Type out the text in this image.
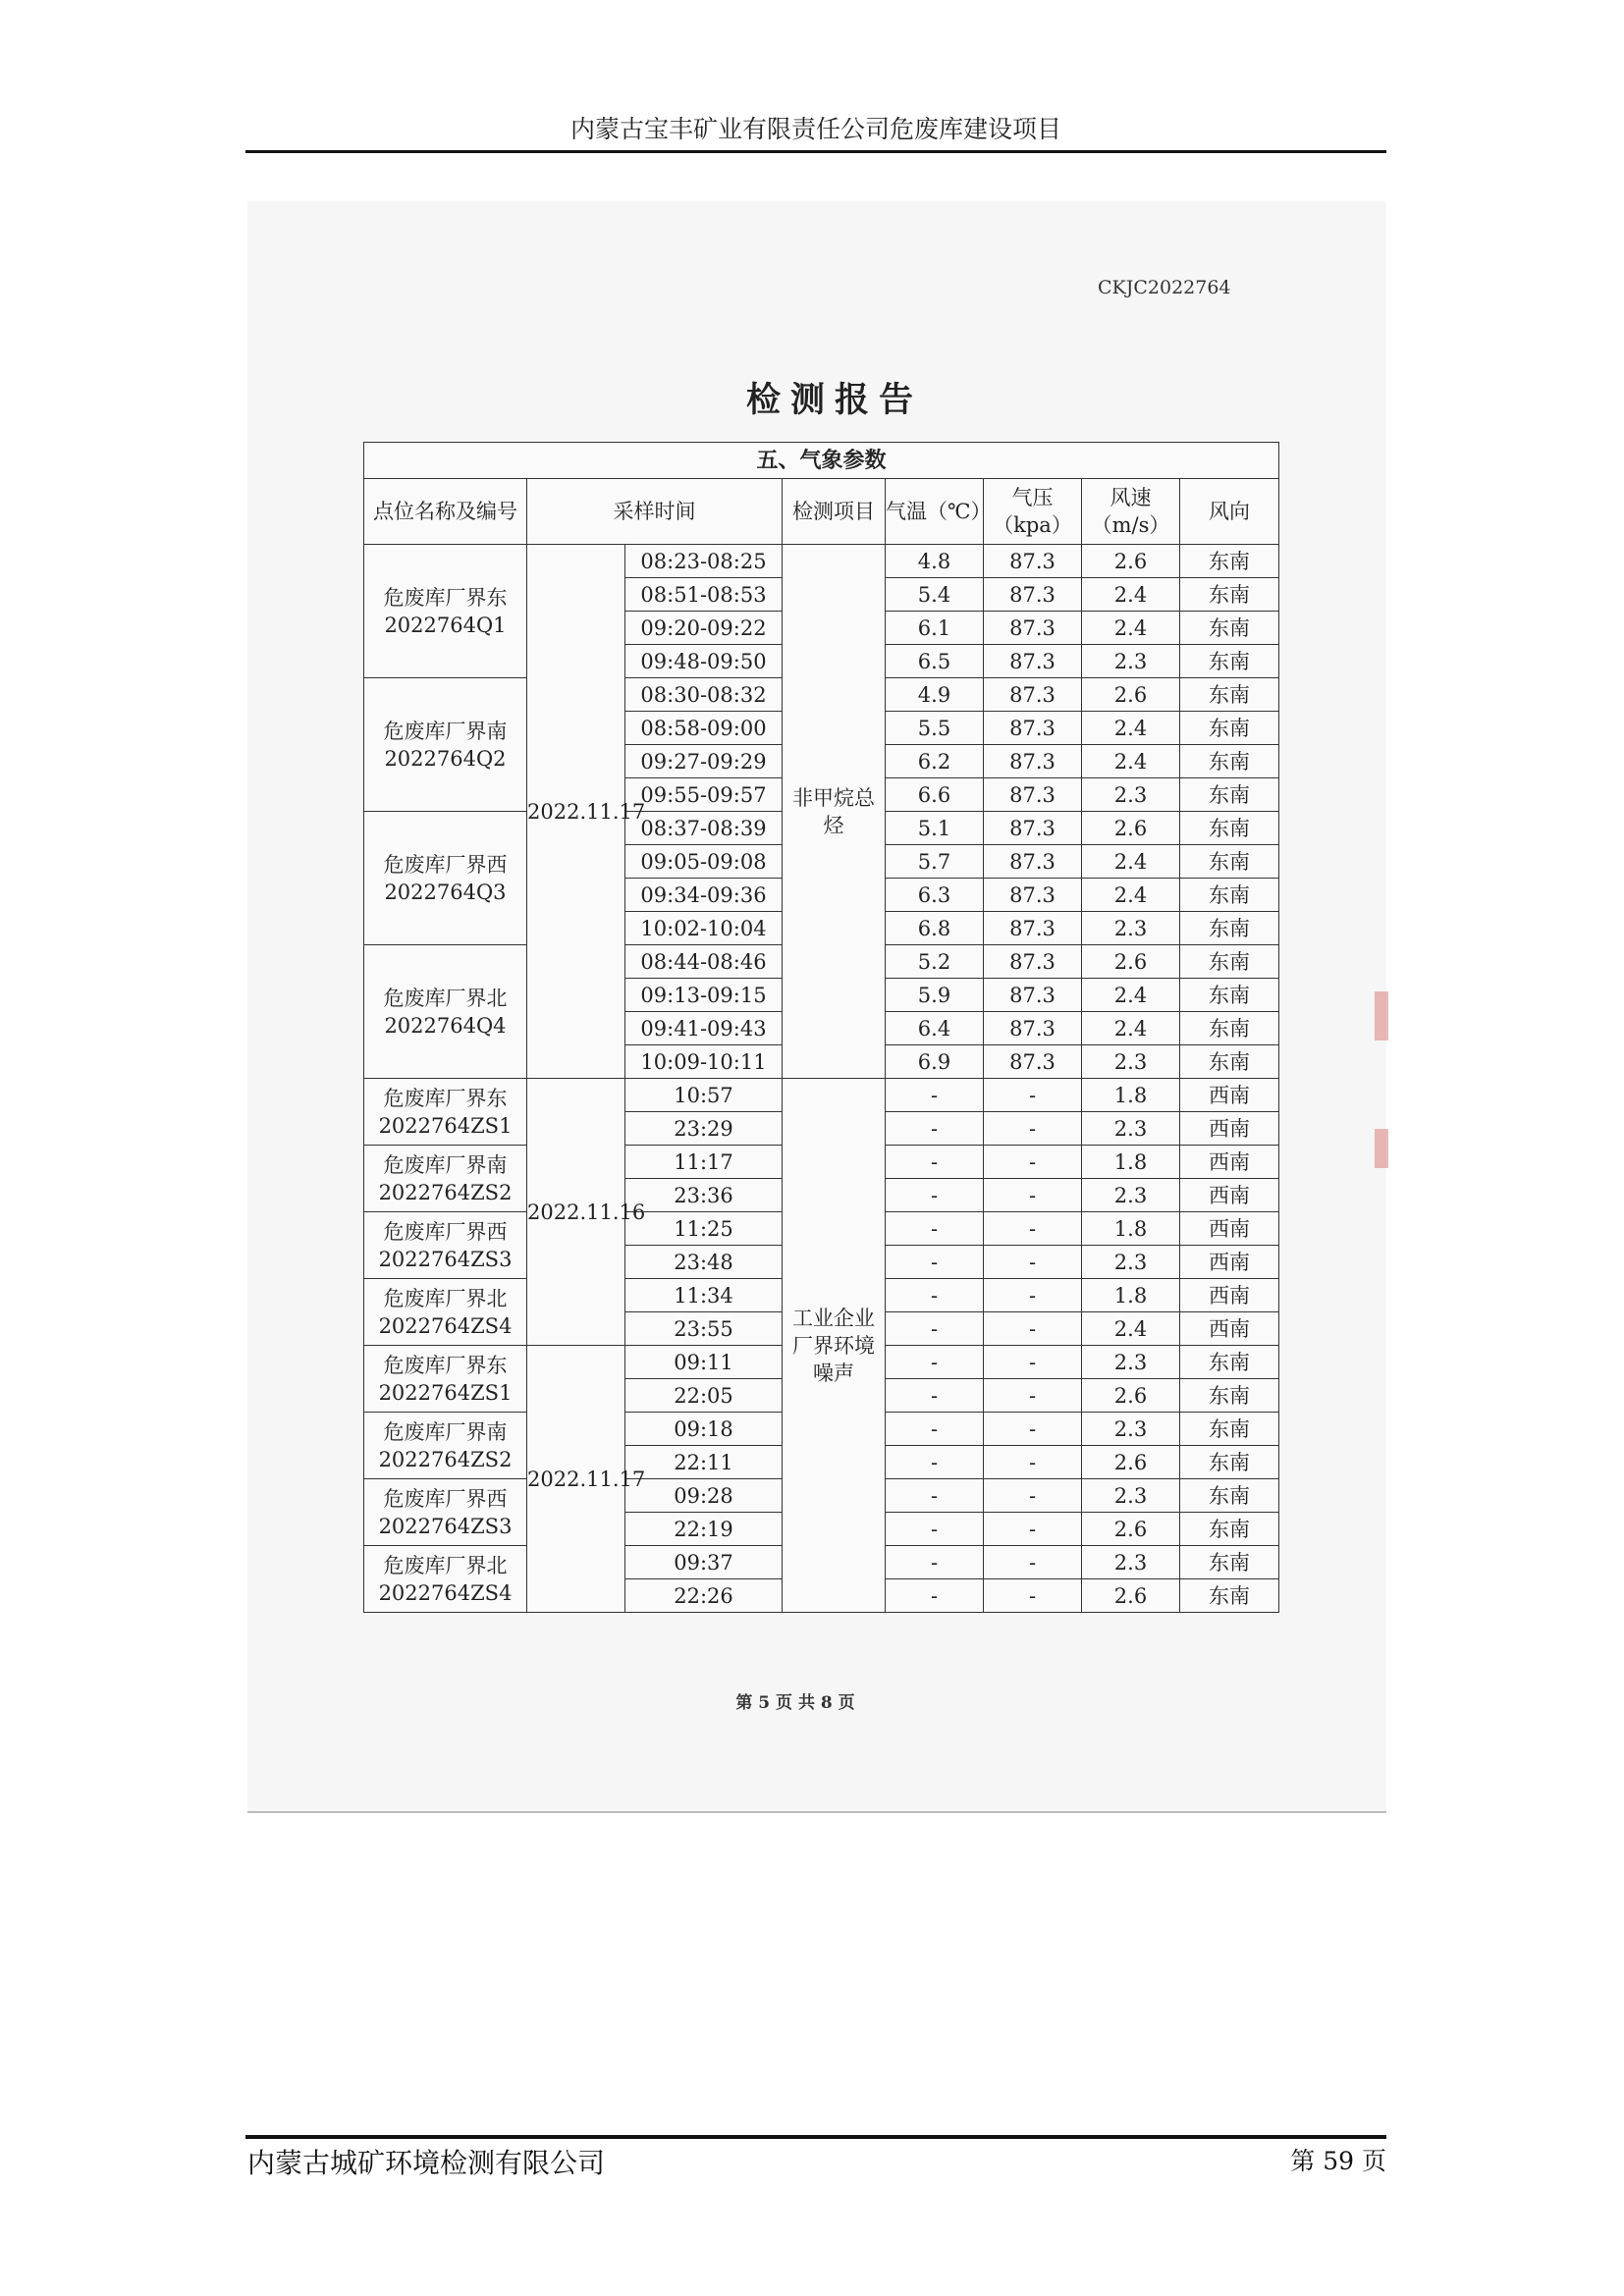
内蒙古宝丰矿业有限责任公司危废库建设项目
CKJC2022764
检测报告
五、气象参数							
点位名称及编号	采样时间		检测项目	气温（℃）	气压（kpa）	风速（m/s）	风向
危废库厂界东 2022764Q1	2022.11.17	08:23-08:25	非甲烷总烃	4.8	87.3	2.6	东南
		08:51-08:53		5.4	87.3	2.4	东南
		09:20-09:22		6.1	87.3	2.4	东南
		09:48-09:50		6.5	87.3	2.3	东南
危废库厂界南 2022764Q2		08:30-08:32		4.9	87.3	2.6	东南
		08:58-09:00		5.5	87.3	2.4	东南
		09:27-09:29		6.2	87.3	2.4	东南
		09:55-09:57		6.6	87.3	2.3	东南
危废库厂界西 2022764Q3		08:37-08:39		5.1	87.3	2.6	东南
		09:05-09:08		5.7	87.3	2.4	东南
		09:34-09:36		6.3	87.3	2.4	东南
		10:02-10:04		6.8	87.3	2.3	东南
危废库厂界北 2022764Q4		08:44-08:46		5.2	87.3	2.6	东南
		09:13-09:15		5.9	87.3	2.4	东南
		09:41-09:43		6.4	87.3	2.4	东南
		10:09-10:11		6.9	87.3	2.3	东南
危废库厂界东 2022764ZS1	2022.11.16	10:57	工业企业厂界环境噪声	-	-	1.8	西南
		23:29		-	-	2.3	西南
危废库厂界南 2022764ZS2		11:17		-	-	1.8	西南
		23:36		-	-	2.3	西南
危废库厂界西 2022764ZS3		11:25		-	-	1.8	西南
		23:48		-	-	2.3	西南
危废库厂界北 2022764ZS4		11:34		-	-	1.8	西南
		23:55		-	-	2.4	西南
危废库厂界东 2022764ZS1	2022.11.17	09:11		-	-	2.3	东南
		22:05		-	-	2.6	东南
危废库厂界南 2022764ZS2		09:18		-	-	2.3	东南
		22:11		-	-	2.6	东南
危废库厂界西 2022764ZS3		09:28		-	-	2.3	东南
		22:19		-	-	2.6	东南
危废库厂界北 2022764ZS4		09:37		-	-	2.3	东南
		22:26		-	-	2.6	东南
第 5 页 共 8 页
内蒙古城矿环境检测有限公司	第 59 页
